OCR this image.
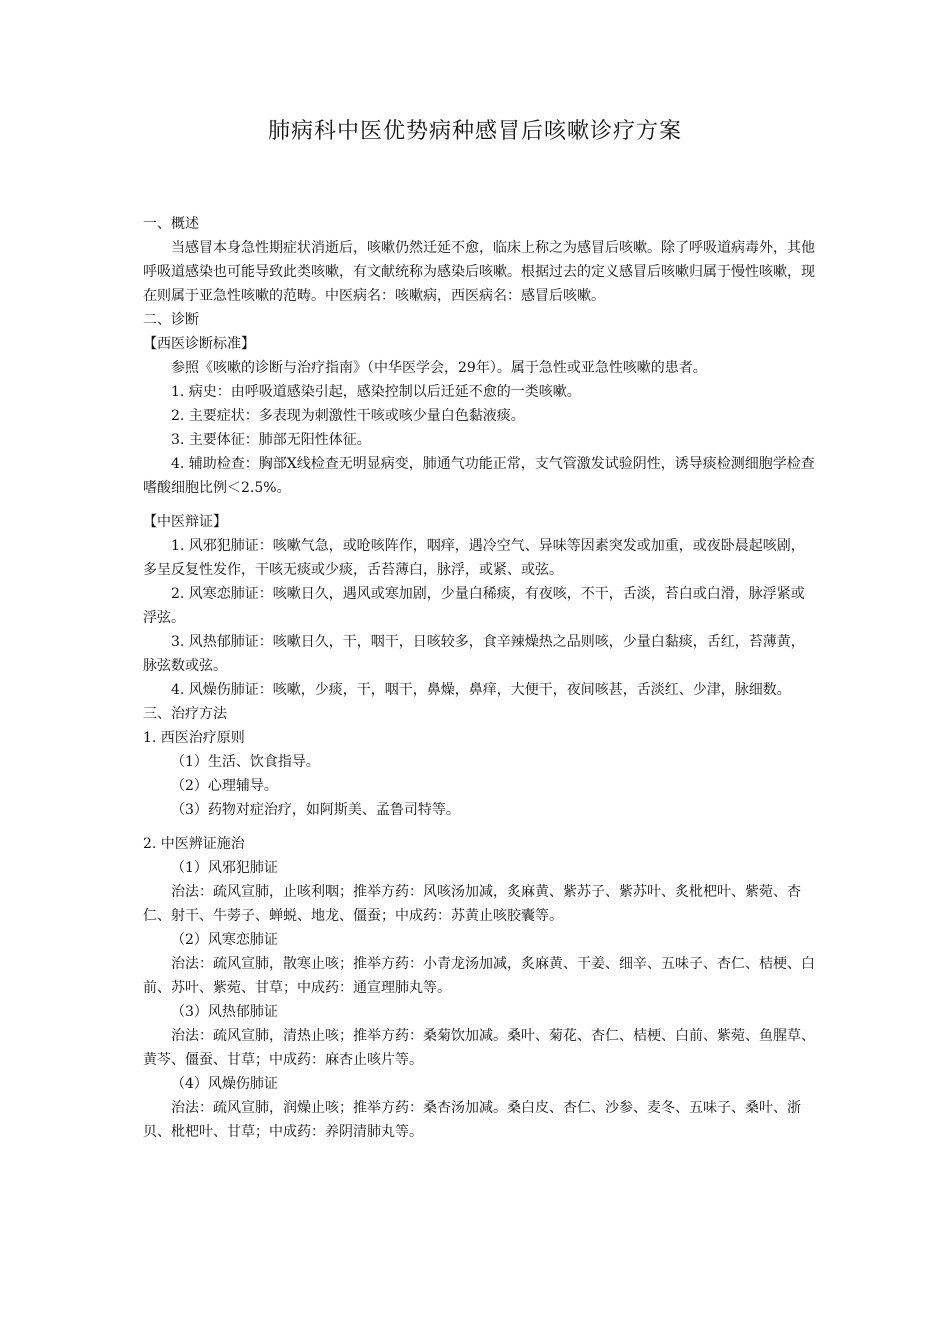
肺病科中医优势病种感冒后咳嗽诊疗方案

一、概述

当感冒本身急性期症状消逝后，咳嗽仍然迁延不愈，临床上称之为感冒后咳嗽。除了呼吸道病毒外，其他呼吸道感染也可能导致此类咳嗽，有文献统称为感染后咳嗽。根据过去的定义感冒后咳嗽归属于慢性咳嗽，现在则属于亚急性咳嗽的范畴。中医病名：咳嗽病，西医病名：感冒后咳嗽。

二、诊断

【西医诊断标准】

参照《咳嗽的诊断与治疗指南》（中华医学会，29年）。属于急性或亚急性咳嗽的患者。

1. 病史：由呼吸道感染引起，感染控制以后迁延不愈的一类咳嗽。

2. 主要症状：多表现为刺激性干咳或咳少量白色黏液痰。

3. 主要体征：肺部无阳性体征。

4. 辅助检查：胸部X线检查无明显病变，肺通气功能正常，支气管激发试验阴性，诱导痰检测细胞学检查嗜酸细胞比例＜2.5%。

【中医辩证】

1. 风邪犯肺证：咳嗽气急，或呛咳阵作，咽痒，遇冷空气、异味等因素突发或加重，或夜卧晨起咳剧，多呈反复性发作，干咳无痰或少痰，舌苔薄白，脉浮，或紧、或弦。

2. 风寒恋肺证：咳嗽日久，遇风或寒加剧，少量白稀痰，有夜咳，不干，舌淡，苔白或白滑，脉浮紧或浮弦。

3. 风热郁肺证：咳嗽日久，干，咽干，日咳较多，食辛辣燥热之品则咳，少量白黏痰，舌红，苔薄黄，脉弦数或弦。

4. 风燥伤肺证：咳嗽，少痰，干，咽干，鼻燥，鼻痒，大便干，夜间咳甚，舌淡红、少津，脉细数。

三、治疗方法

1. 西医治疗原则

（1）生活、饮食指导。

（2）心理辅导。

（3）药物对症治疗，如阿斯美、孟鲁司特等。

2. 中医辨证施治

（1）风邪犯肺证

治法：疏风宣肺，止咳利咽；推举方药：风咳汤加减，炙麻黄、紫苏子、紫苏叶、炙枇杷叶、紫菀、杏仁、射干、牛蒡子、蝉蜕、地龙、僵蚕；中成药：苏黄止咳胶囊等。

（2）风寒恋肺证

治法：疏风宣肺，散寒止咳；推举方药：小青龙汤加减，炙麻黄、干姜、细辛、五味子、杏仁、桔梗、白前、苏叶、紫菀、甘草；中成药：通宣理肺丸等。

（3）风热郁肺证

治法：疏风宣肺，清热止咳；推举方药：桑菊饮加减。桑叶、菊花、杏仁、桔梗、白前、紫菀、鱼腥草、黄芩、僵蚕、甘草；中成药：麻杏止咳片等。

（4）风燥伤肺证

治法：疏风宣肺，润燥止咳；推举方药：桑杏汤加减。桑白皮、杏仁、沙参、麦冬、五味子、桑叶、浙贝、枇杷叶、甘草；中成药：养阴清肺丸等。
